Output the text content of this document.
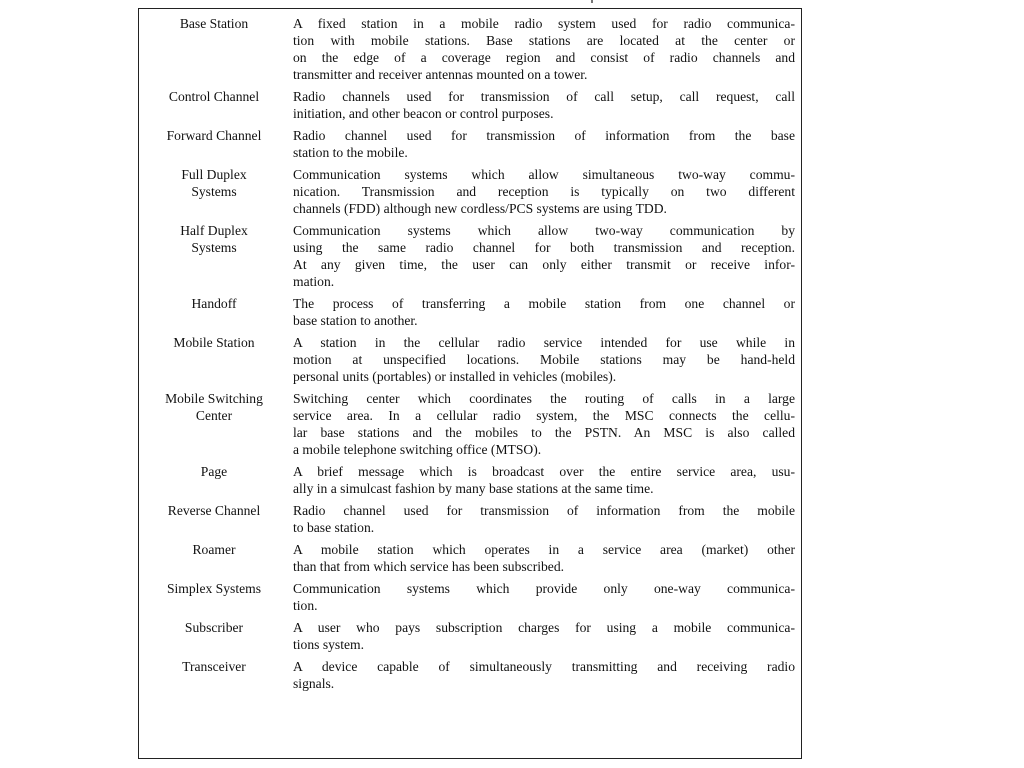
Base Station	A fixed station in a mobile radio system used for radio communica-
tion with mobile stations. Base stations are located at the center or
on the edge of a coverage region and consist of radio channels and
transmitter and receiver antennas mounted on a tower.

Control Channel	Radio channels used for transmission of call setup, call request, call
initiation, and other beacon or control purposes.

Forward Channel	Radio channel used for transmission of information from the base
station to the mobile.

Full Duplex
Systems	Communication systems which allow simultaneous two-way commu-
nication. Transmission and reception is typically on two different
channels (FDD) although new cordless/PCS systems are using TDD.

Half Duplex
Systems	Communication systems which allow two-way communication by
using the same radio channel for both transmission and reception.
At any given time, the user can only either transmit or receive infor-
mation.

Handoff	The process of transferring a mobile station from one channel or
base station to another.

Mobile Station	A station in the cellular radio service intended for use while in
motion at unspecified locations. Mobile stations may be hand-held
personal units (portables) or installed in vehicles (mobiles).

Mobile Switching
Center	Switching center which coordinates the routing of calls in a large
service area. In a cellular radio system, the MSC connects the cellu-
lar base stations and the mobiles to the PSTN. An MSC is also called
a mobile telephone switching office (MTSO).

Page	A brief message which is broadcast over the entire service area, usu-
ally in a simulcast fashion by many base stations at the same time.

Reverse Channel	Radio channel used for transmission of information from the mobile
to base station.

Roamer	A mobile station which operates in a service area (market) other
than that from which service has been subscribed.

Simplex Systems	Communication systems which provide only one-way communica-
tion.

Subscriber	A user who pays subscription charges for using a mobile communica-
tions system.

Transceiver	A device capable of simultaneously transmitting and receiving radio
signals.
